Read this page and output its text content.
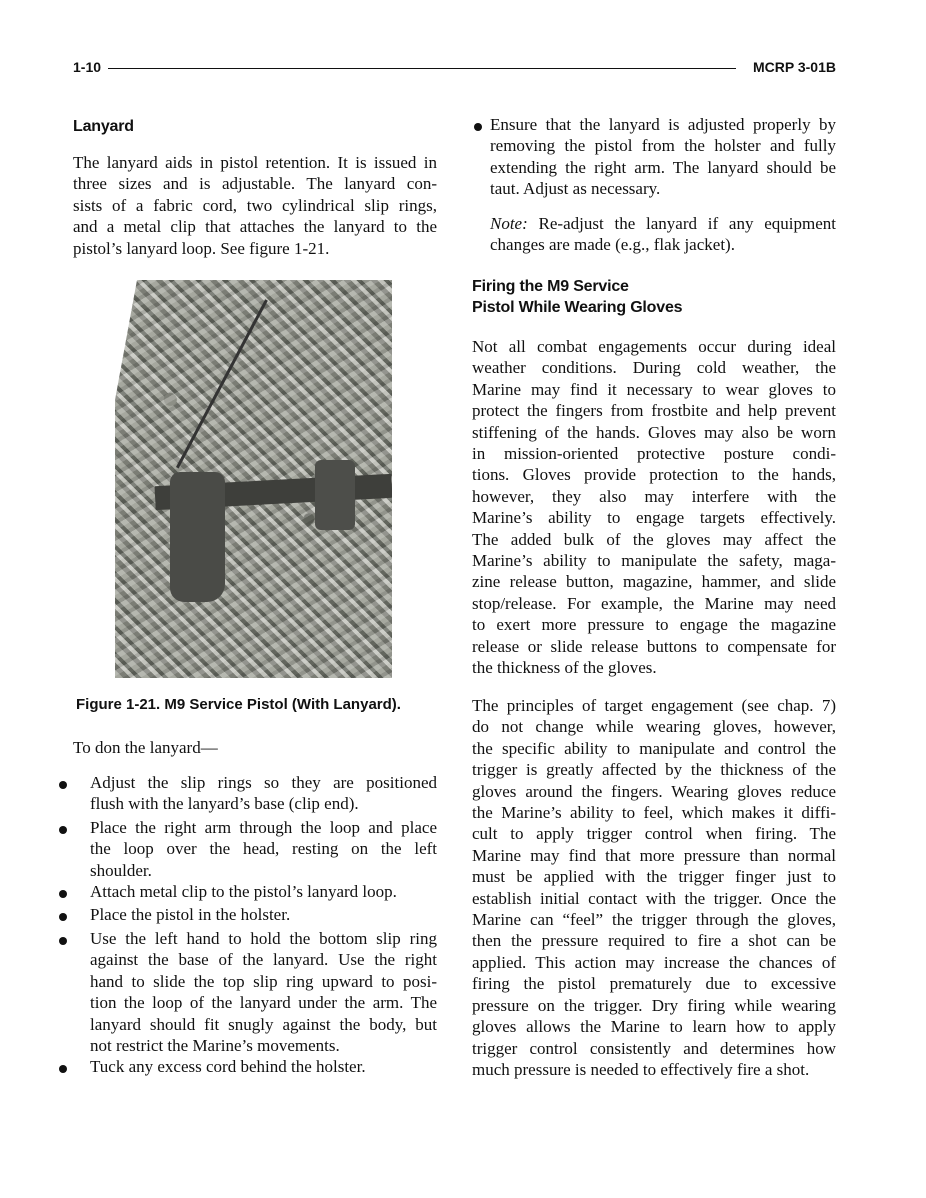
1-10	MCRP 3-01B
Lanyard
The lanyard aids in pistol retention. It is issued in
three sizes and is adjustable. The lanyard con-
sists of a fabric cord, two cylindrical slip rings,
and a metal clip that attaches the lanyard to the
pistol’s lanyard loop. See figure 1-21.
Figure 1-21. M9 Service Pistol (With Lanyard).
To don the lanyard—
Adjust the slip rings so they are positioned
flush with the lanyard’s base (clip end).
Place the right arm through the loop and place
the loop over the head, resting on the left
shoulder.
Attach metal clip to the pistol’s lanyard loop.
Place the pistol in the holster.
Use the left hand to hold the bottom slip ring
against the base of the lanyard. Use the right
hand to slide the top slip ring upward to posi-
tion the loop of the lanyard under the arm. The
lanyard should fit snugly against the body, but
not restrict the Marine’s movements.
Tuck any excess cord behind the holster.
Ensure that the lanyard is adjusted properly by
removing the pistol from the holster and fully
extending the right arm. The lanyard should be
taut. Adjust as necessary.
Note: Re-adjust the lanyard if any equipment
changes are made (e.g., flak jacket).
Firing the M9 Service
Pistol While Wearing Gloves
Not all combat engagements occur during ideal
weather conditions. During cold weather, the
Marine may find it necessary to wear gloves to
protect the fingers from frostbite and help prevent
stiffening of the hands. Gloves may also be worn
in mission-oriented protective posture condi-
tions. Gloves provide protection to the hands,
however, they also may interfere with the
Marine’s ability to engage targets effectively.
The added bulk of the gloves may affect the
Marine’s ability to manipulate the safety, maga-
zine release button, magazine, hammer, and slide
stop/release. For example, the Marine may need
to exert more pressure to engage the magazine
release or slide release buttons to compensate for
the thickness of the gloves.
The principles of target engagement (see chap. 7)
do not change while wearing gloves, however,
the specific ability to manipulate and control the
trigger is greatly affected by the thickness of the
gloves around the fingers. Wearing gloves reduce
the Marine’s ability to feel, which makes it diffi-
cult to apply trigger control when firing. The
Marine may find that more pressure than normal
must be applied with the trigger finger just to
establish initial contact with the trigger. Once the
Marine can “feel” the trigger through the gloves,
then the pressure required to fire a shot can be
applied. This action may increase the chances of
firing the pistol prematurely due to excessive
pressure on the trigger. Dry firing while wearing
gloves allows the Marine to learn how to apply
trigger control consistently and determines how
much pressure is needed to effectively fire a shot.
